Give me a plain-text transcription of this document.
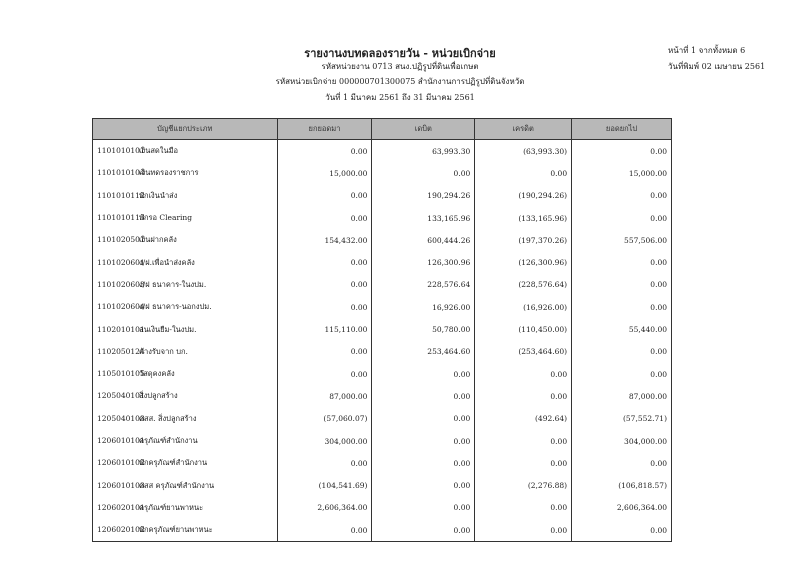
รายงานงบทดลองรายวัน - หน่วยเบิกจ่าย
รหัสหน่วยงาน 0713 สนง.ปฏิรูปที่ดินเพื่อเกษต
รหัสหน่วยเบิกจ่าย 000000701300075 สำนักงานการปฏิรูปที่ดินจังหวัด
วันที่ 1 มีนาคม 2561 ถึง 31 มีนาคม 2561
หน้าที่ 1 จากทั้งหมด 6
วันที่พิมพ์ 02 เมษายน 2561
บัญชีแยกประเภท	ยกยอดมา	เดบิต	เครดิต	ยอดยกไป
1101010101เงินสดในมือ	0.00	63,993.30	(63,993.30)	0.00
1101010104เงินทดรองราชการ	15,000.00	0.00	0.00	15,000.00
1101010112พักเงินนำส่ง	0.00	190,294.26	(190,294.26)	0.00
1101010113พักรอ Clearing	0.00	133,165.96	(133,165.96)	0.00
1101020501เงินฝากคลัง	154,432.00	600,444.26	(197,370.26)	557,506.00
1101020601ง/ฝ.เพื่อนำส่งคลัง	0.00	126,300.96	(126,300.96)	0.00
1101020603ง/ฝ ธนาคาร-ในงปม.	0.00	228,576.64	(228,576.64)	0.00
1101020604ง/ฝ ธนาคาร-นอกงปม.	0.00	16,926.00	(16,926.00)	0.00
1102010101ลนเงินยืม-ในงปม.	115,110.00	50,780.00	(110,450.00)	55,440.00
1102050124ค้างรับจาก บก.	0.00	253,464.60	(253,464.60)	0.00
1105010105วัสดุคงคลัง	0.00	0.00	0.00	0.00
1205040101สิ่งปลูกสร้าง	87,000.00	0.00	0.00	87,000.00
1205040103คสส. สิ่งปลูกสร้าง	(57,060.07)	0.00	(492.64)	(57,552.71)
1206010101ครุภัณฑ์สำนักงาน	304,000.00	0.00	0.00	304,000.00
1206010102พักครุภัณฑ์สำนักงาน	0.00	0.00	0.00	0.00
1206010103คสส ครุภัณฑ์สำนักงาน	(104,541.69)	0.00	(2,276.88)	(106,818.57)
1206020101ครุภัณฑ์ยานพาหนะ	2,606,364.00	0.00	0.00	2,606,364.00
1206020102พักครุภัณฑ์ยานพาหนะ	0.00	0.00	0.00	0.00
